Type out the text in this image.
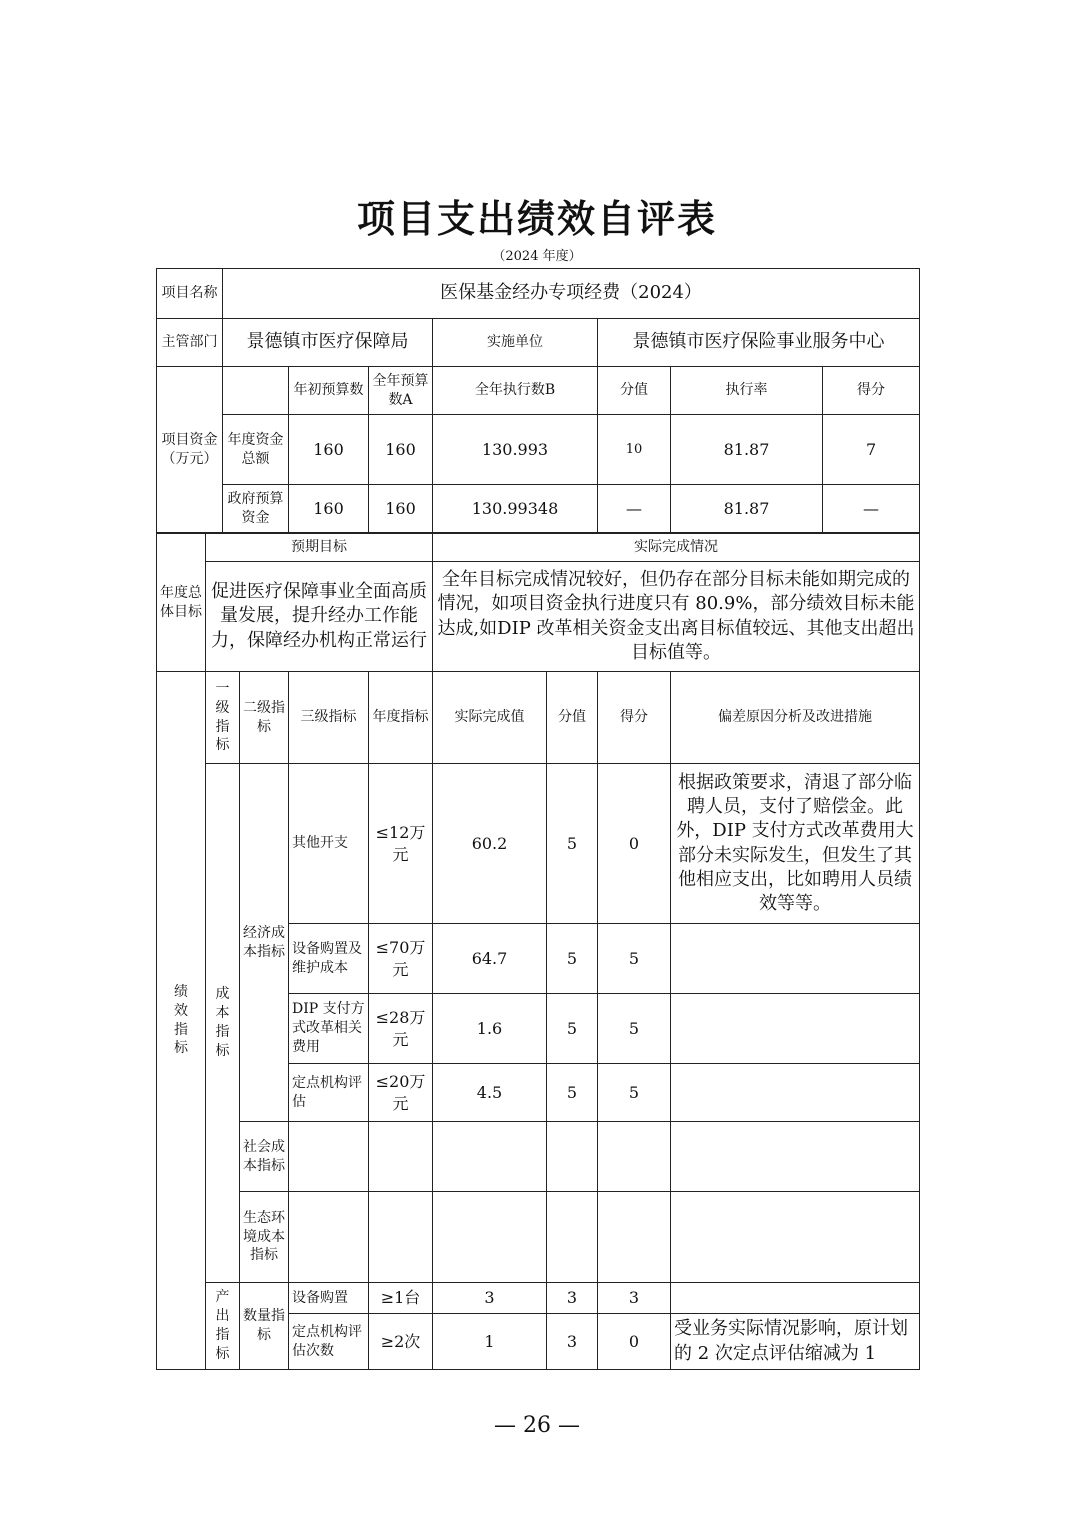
项目支出绩效自评表
（2024 年度）
项目名称	医保基金经办专项经费（2024）						
主管部门	景德镇市医疗保障局			实施单位	景德镇市医疗保险事业服务中心		
项目资金（万元）		年初预算数	全年预算数A	全年执行数B	分值	执行率	得分
	年度资金总额	160	160	130.993	10	81.87	7
	政府预算资金	160	160	130.99348	—	81.87	—
年度总体目标	预期目标	实际完成情况
	促进医疗保障事业全面高质量发展，提升经办工作能力，保障经办机构正常运行	全年目标完成情况较好，但仍存在部分目标未能如期完成的情况，如项目资金执行进度只有 80.9%，部分绩效目标未能达成,如DIP 改革相关资金支出离目标值较远、其他支出超出目标值等。
绩效指标	一级指标	二级指标	三级指标	年度指标	实际完成值	分值	得分	偏差原因分析及改进措施
	成本指标	经济成本指标	其他开支	≤12万元	60.2	5	0	根据政策要求，清退了部分临聘人员，支付了赔偿金。此外，DIP 支付方式改革费用大部分未实际发生，但发生了其他相应支出，比如聘用人员绩效等等。
			设备购置及维护成本	≤70万元	64.7	5	5	
			DIP 支付方式改革相关费用	≤28万元	1.6	5	5	
			定点机构评估	≤20万元	4.5	5	5	
		社会成本指标						
		生态环境成本指标						
	产出指标	数量指标	设备购置	≥1台	3	3	3	
			定点机构评估次数	≥2次	1	3	0	受业务实际情况影响，原计划的 2 次定点评估缩减为 1
— 26 —
